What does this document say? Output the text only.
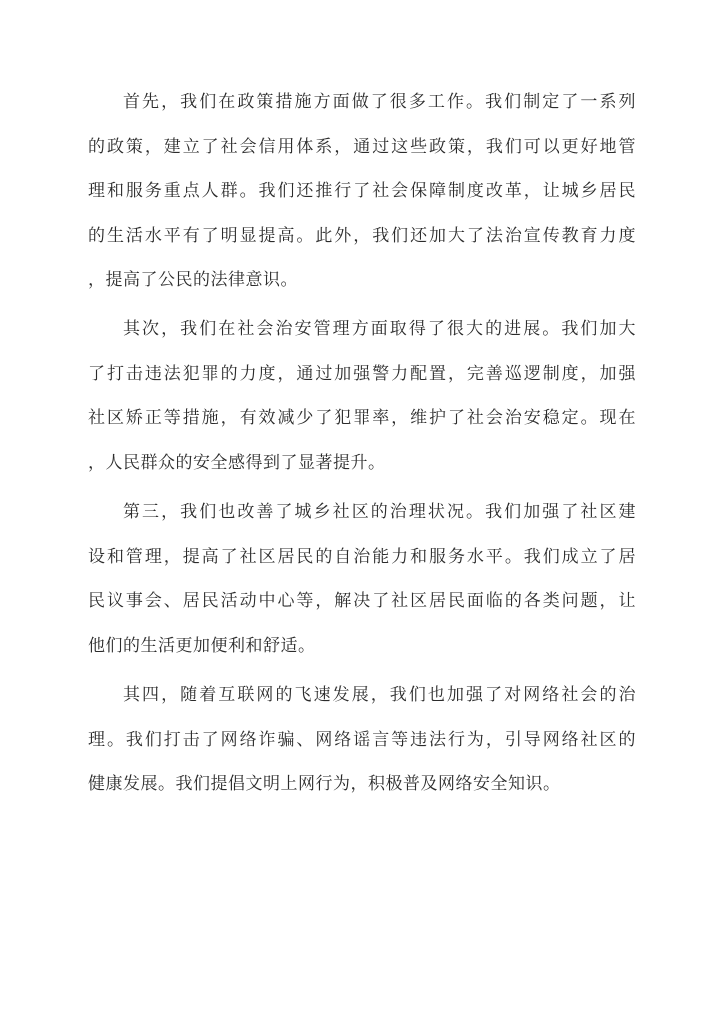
首先，我们在政策措施方面做了很多工作。我们制定了一系列
的政策，建立了社会信用体系，通过这些政策，我们可以更好地管
理和服务重点人群。我们还推行了社会保障制度改革，让城乡居民
的生活水平有了明显提高。此外，我们还加大了法治宣传教育力度
，提高了公民的法律意识。
其次，我们在社会治安管理方面取得了很大的进展。我们加大
了打击违法犯罪的力度，通过加强警力配置，完善巡逻制度，加强
社区矫正等措施，有效减少了犯罪率，维护了社会治安稳定。现在
，人民群众的安全感得到了显著提升。
第三，我们也改善了城乡社区的治理状况。我们加强了社区建
设和管理，提高了社区居民的自治能力和服务水平。我们成立了居
民议事会、居民活动中心等，解决了社区居民面临的各类问题，让
他们的生活更加便利和舒适。
其四，随着互联网的飞速发展，我们也加强了对网络社会的治
理。我们打击了网络诈骗、网络谣言等违法行为，引导网络社区的
健康发展。我们提倡文明上网行为，积极普及网络安全知识。
